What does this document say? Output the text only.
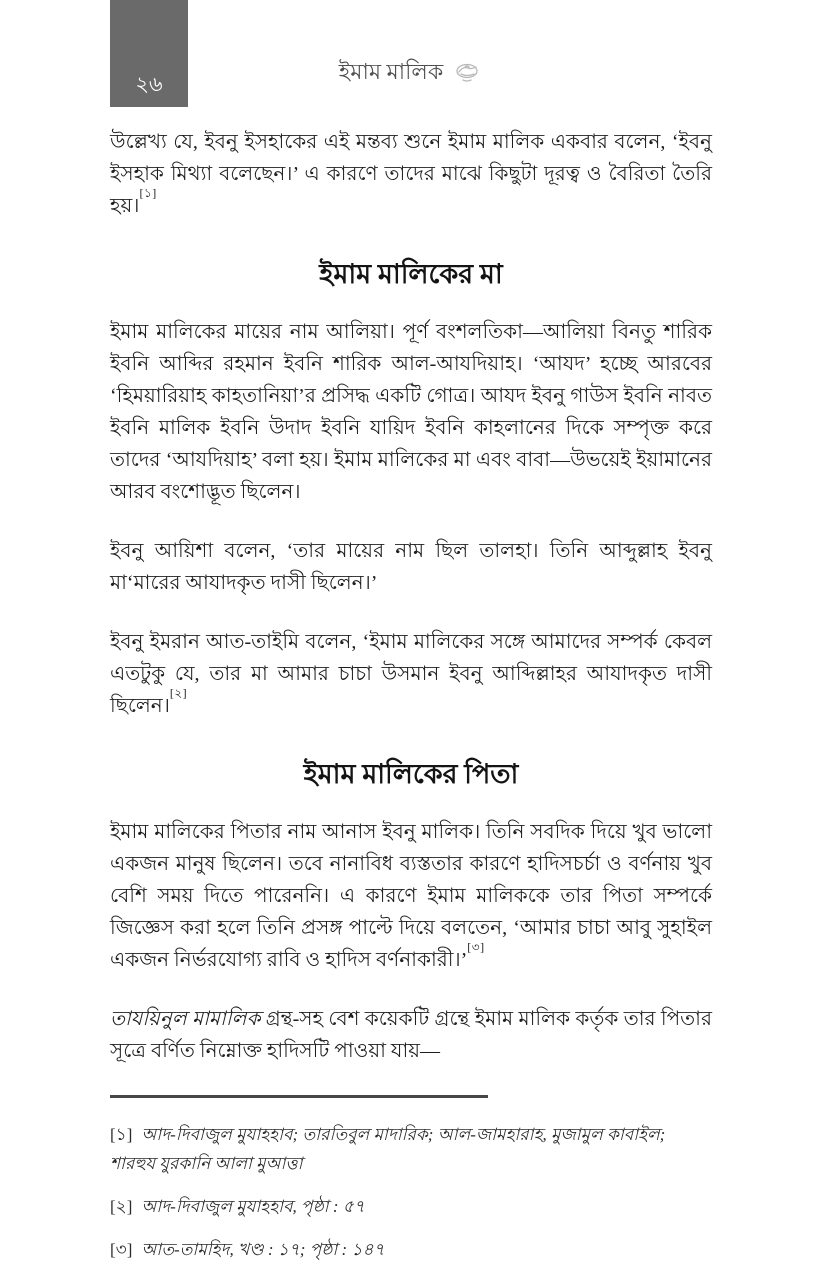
২৬	ইমাম মালিক

উল্লেখ্য যে, ইবনু ইসহাকের এই মন্তব্য শুনে ইমাম মালিক একবার বলেন, ‘ইবনু ইসহাক মিথ্যা বলেছেন।’ এ কারণে তাদের মাঝে কিছুটা দূরত্ব ও বৈরিতা তৈরি হয়।[১]

ইমাম মালিকের মা

ইমাম মালিকের মায়ের নাম আলিয়া। পূর্ণ বংশলতিকা—আলিয়া বিনতু শারিক ইবনি আব্দির রহমান ইবনি শারিক আল-আযদিয়াহ। ‘আযদ’ হচ্ছে আরবের ‘হিময়ারিয়াহ কাহতানিয়া’র প্রসিদ্ধ একটি গোত্র। আযদ ইবনু গাউস ইবনি নাবত ইবনি মালিক ইবনি উদাদ ইবনি যায়িদ ইবনি কাহলানের দিকে সম্পৃক্ত করে তাদের ‘আযদিয়াহ’ বলা হয়। ইমাম মালিকের মা এবং বাবা—উভয়েই ইয়ামানের আরব বংশোদ্ভূত ছিলেন।

ইবনু আয়িশা বলেন, ‘তার মায়ের নাম ছিল তালহা। তিনি আব্দুল্লাহ ইবনু মা‘মারের আযাদকৃত দাসী ছিলেন।’

ইবনু ইমরান আত-তাইমি বলেন, ‘ইমাম মালিকের সঙ্গে আমাদের সম্পর্ক কেবল এতটুকু যে, তার মা আমার চাচা উসমান ইবনু আব্দিল্লাহর আযাদকৃত দাসী ছিলেন।[২]

ইমাম মালিকের পিতা

ইমাম মালিকের পিতার নাম আনাস ইবনু মালিক। তিনি সবদিক দিয়ে খুব ভালো একজন মানুষ ছিলেন। তবে নানাবিধ ব্যস্ততার কারণে হাদিসচর্চা ও বর্ণনায় খুব বেশি সময় দিতে পারেননি। এ কারণে ইমাম মালিককে তার পিতা সম্পর্কে জিজ্ঞেস করা হলে তিনি প্রসঙ্গ পাল্টে দিয়ে বলতেন, ‘আমার চাচা আবু সুহাইল একজন নির্ভরযোগ্য রাবি ও হাদিস বর্ণনাকারী।’[৩]

তাযয়িনুল মামালিক গ্রন্থ-সহ বেশ কয়েকটি গ্রন্থে ইমাম মালিক কর্তৃক তার পিতার সূত্রে বর্ণিত নিম্নোক্ত হাদিসটি পাওয়া যায়—

[১] আদ-দিবাজুল মুযাহহাব; তারতিবুল মাদারিক; আল-জামহারাহ, মুজামুল কাবাইল; শারহুয যুরকানি আলা মুআত্তা

[২] আদ-দিবাজুল মুযাহহাব, পৃষ্ঠা : ৫৭

[৩] আত-তামহিদ, খণ্ড : ১৭; পৃষ্ঠা : ১৪৭
